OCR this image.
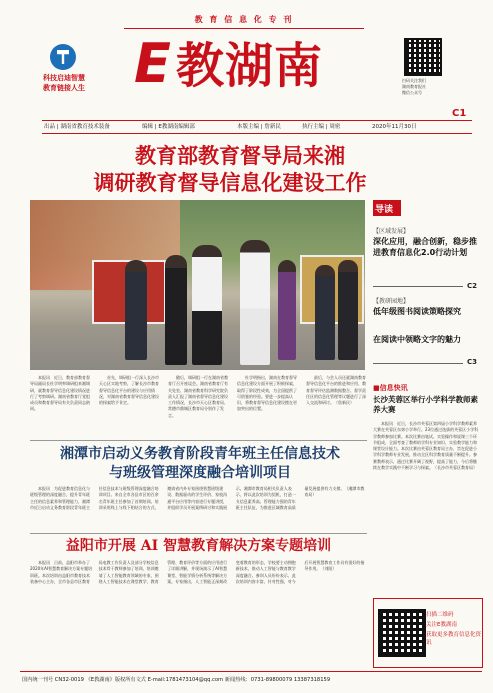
科技启迪智慧
教育链接人生
教 育 信 息 化 专 刊
E 教湖南	扫码关注我们
湖南教育报社
微信公众号
C1
出品 | 湖南省教育技术装备	编辑 | E教湖南编辑部	本版主编 | 詹新民	执行主编 | 周密	2020年11月30日
教育部教育督导局来湘
调研教育督导信息化建设工作

本报讯　近日，教育部教育督导局副局长杜学明率调研组来湘调研，就教育督导信息化建设情况进行了考察调研。湖南省教育厅党组成员和教育督导局有关负责同志陪同。

首先，调研组一行深入长沙市天心区实地考察，了解长沙市教育督导信息化平台的建设与应用情况，对湖南省教育督导信息化建设的探索给予肯定。

随后，调研组一行在湖南省教育厅召开座谈会。湖南省教育厅有关处室、湖南省教育科学研究院负责人汇报了湖南省督导信息化建设工作情况，长沙市天心区教育局、常德市鼎城区教育局分别作了发言。

杜学明指出，湖南在教育督导信息化建设方面开展了积极探索，取得了阶段性成效，为全国提供了可借鉴的经验。要进一步提高认识，将教育督导信息化建设摆在更加突出的位置。

最后，与会人员还就湖南教育督导信息化平台的推进和应用、教育督导评估监测数据整合、督学责任区的信息化管理等议题进行了深入交流和研讨。（詹新民）

导读
【区域发展】
深化应用，融合创新，稳步推进教育信息化2.0行动计划
C2
【教研园地】
低年级图书阅读策略探究
在阅读中领略文字的魅力
C3
■信息快讯
长沙芙蓉区举行小学科学教师素养大赛

本报讯　近日，长沙市芙蓉区第四届小学科学教师素养大赛在芙蓉区东郊小学举行。23位通过选拔的芙蓉区小学科学教师参加比赛。本次比赛由笔试、实验操作和说课三个环节组成，全面考查了教师的学科专业知识、实验教学能力和课堂设计能力。本次比赛由芙蓉区教育局主办，旨在促进小学科学教师专业发展，推动全区科学教育质量不断提升。参赛教师表示，通过比赛开阔了视野，提高了能力，今后将继续在教学实践中不断学习与探索。（长沙市芙蓉区教育局）

湘潭市启动义务教育阶段青年班主任信息技术
与班级管理深度融合培训项目

本报讯　为促进教育信息化与班级管理的深度融合，提升青年班主任的信息素养和管理能力，湘潭市近日启动义务教育阶段青年班主任信息技术与班级管理深度融合培训项目。来自全市各县市区的百余名青年班主任参加了首期培训。培训采用线上与线下相结合的方式，邀请省内外专家围绕智慧班级建设、数据驱动的学生评价、家校沟通平台应用等内容进行专题讲授，并组织学员开展案例研讨和实践展示。湘潭市教育局相关负责人表示，将以此次培训为契机，打造一支信息素养高、管理能力强的青年班主任队伍，为推进区域教育高质量发展提供有力支撑。（湘潭市教育局）

益阳市开展 AI 智慧教育解决方案专题培训

本报讯　日前，益阳市举办了2020年AI智慧教育解决方案专题培训班。本次培训由益阳市教育技术装备中心主办，全市各县市区教育局电教工作负责人及部分学校信息技术骨干教师参加了培训。培训邀请了人工智能教育领域的专家，围绕人工智能技术在课堂教学、教育管理、教育评价等方面的应用进行了详细讲解，并现场演示了AI智慧课堂、智能学情分析系统等解决方案。专家指出，人工智能正深刻改变着教育的形态，学校要主动拥抱新技术，推动人工智能与教育教学深度融合。参训人员纷纷表示，此次培训内容丰富、针对性强，对今后开展智慧教育工作具有很好的指导作用。（刘阳）

扫描二维码
关注E教湖南
获取更多教育信息化资讯
国内统一刊号 CN32-0019 《E教湖南》版权所有文式 E-mail:1781473104@qq.com 新闻热线：0731-89800079 13387318159
